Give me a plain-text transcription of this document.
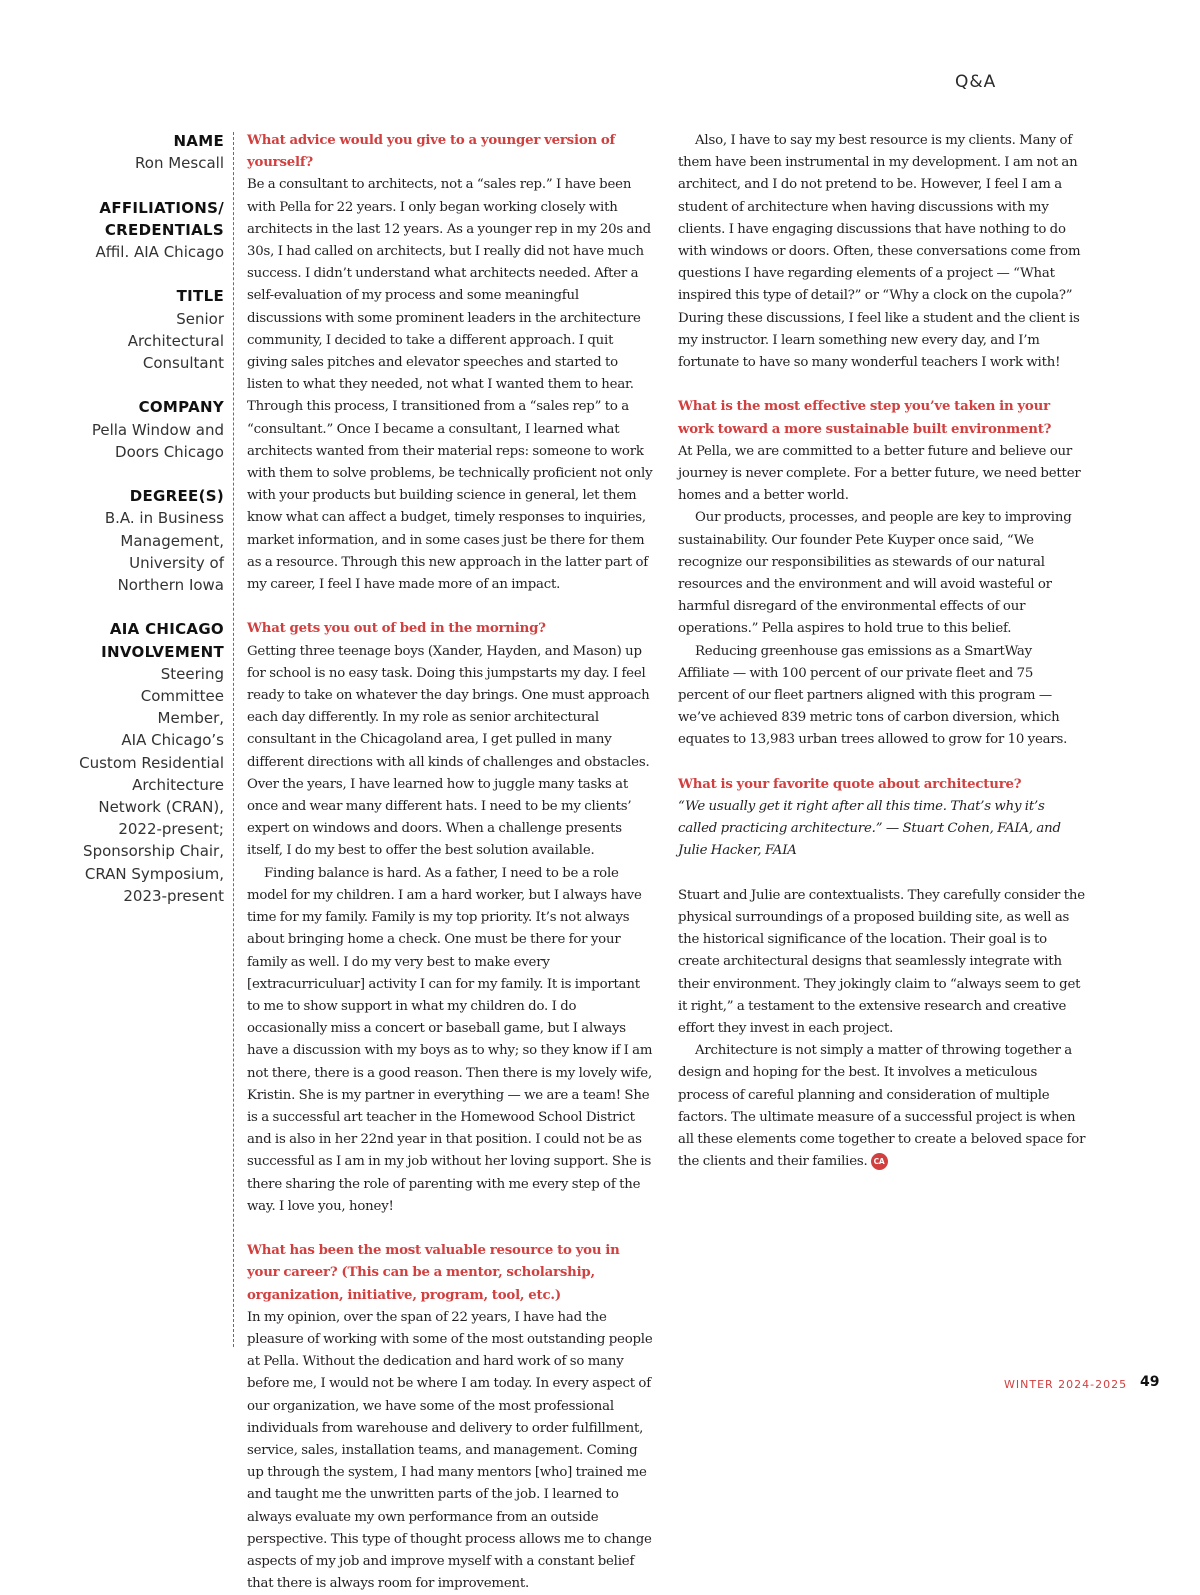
Q&A
NAME
Ron Mescall
AFFILIATIONS/
CREDENTIALS
Affil. AIA Chicago
TITLE
Senior
Architectural
Consultant
COMPANY
Pella Window and
Doors Chicago
DEGREE(S)
B.A. in Business
Management,
University of
Northern Iowa
AIA CHICAGO
INVOLVEMENT
Steering
Committee
Member,
AIA Chicago’s
Custom Residential
Architecture
Network (CRAN),
2022-present;
Sponsorship Chair,
CRAN Symposium,
2023-present

What advice would you give to a younger version of yourself?

Be a consultant to architects, not a “sales rep.” I have been with Pella for 22 years. I only began working closely with architects in the last 12 years. As a younger rep in my 20s and 30s, I had called on architects, but I really did not have much success. I didn’t understand what architects needed. After a self-evaluation of my process and some meaningful discussions with some prominent leaders in the architecture community, I decided to take a different approach. I quit giving sales pitches and elevator speeches and started to listen to what they needed, not what I wanted them to hear. Through this process, I transitioned from a “sales rep” to a “consultant.” Once I became a consultant, I learned what architects wanted from their material reps: someone to work with them to solve problems, be technically proficient not only with your products but building science in general, let them know what can affect a budget, timely responses to inquiries, market information, and in some cases just be there for them as a resource. Through this new approach in the latter part of my career, I feel I have made more of an impact.

What gets you out of bed in the morning?

Getting three teenage boys (Xander, Hayden, and Mason) up for school is no easy task. Doing this jumpstarts my day. I feel ready to take on whatever the day brings. One must approach each day differently. In my role as senior architectural consultant in the Chicagoland area, I get pulled in many different directions with all kinds of challenges and obstacles. Over the years, I have learned how to juggle many tasks at once and wear many different hats. I need to be my clients’ expert on windows and doors. When a challenge presents itself, I do my best to offer the best solution available.

Finding balance is hard. As a father, I need to be a role model for my children. I am a hard worker, but I always have time for my family. Family is my top priority. It’s not always about bringing home a check. One must be there for your family as well. I do my very best to make every [extracurriculuar] activity I can for my family. It is important to me to show support in what my children do. I do occasionally miss a concert or baseball game, but I always have a discussion with my boys as to why; so they know if I am not there, there is a good reason. Then there is my lovely wife, Kristin. She is my partner in everything — we are a team! She is a successful art teacher in the Homewood School District and is also in her 22nd year in that position. I could not be as successful as I am in my job without her loving support. She is there sharing the role of parenting with me every step of the way. I love you, honey!

What has been the most valuable resource to you in your career? (This can be a mentor, scholarship, organization, initiative, program, tool, etc.)

In my opinion, over the span of 22 years, I have had the pleasure of working with some of the most outstanding people at Pella. Without the dedication and hard work of so many before me, I would not be where I am today. In every aspect of our organization, we have some of the most professional individuals from warehouse and delivery to order fulfillment, service, sales, installation teams, and management. Coming up through the system, I had many mentors [who] trained me and taught me the unwritten parts of the job. I learned to always evaluate my own performance from an outside perspective. This type of thought process allows me to change aspects of my job and improve myself with a constant belief that there is always room for improvement.

Also, I have to say my best resource is my clients. Many of them have been instrumental in my development. I am not an architect, and I do not pretend to be. However, I feel I am a student of architecture when having discussions with my clients. I have engaging discussions that have nothing to do with windows or doors. Often, these conversations come from questions I have regarding elements of a project — “What inspired this type of detail?” or “Why a clock on the cupola?” During these discussions, I feel like a student and the client is my instructor. I learn something new every day, and I’m fortunate to have so many wonderful teachers I work with!

What is the most effective step you’ve taken in your work toward a more sustainable built environment?

At Pella, we are committed to a better future and believe our journey is never complete. For a better future, we need better homes and a better world.

Our products, processes, and people are key to improving sustainability. Our founder Pete Kuyper once said, “We recognize our responsibilities as stewards of our natural resources and the environment and will avoid wasteful or harmful disregard of the environmental effects of our operations.” Pella aspires to hold true to this belief.

Reducing greenhouse gas emissions as a SmartWay Affiliate — with 100 percent of our private fleet and 75 percent of our fleet partners aligned with this program — we’ve achieved 839 metric tons of carbon diversion, which equates to 13,983 urban trees allowed to grow for 10 years.

What is your favorite quote about architecture?

“We usually get it right after all this time. That’s why it’s called practicing architecture.” — Stuart Cohen, FAIA, and Julie Hacker, FAIA

Stuart and Julie are contextualists. They carefully consider the physical surroundings of a proposed building site, as well as the historical significance of the location. Their goal is to create architectural designs that seamlessly integrate with their environment. They jokingly claim to “always seem to get it right,” a testament to the extensive research and creative effort they invest in each project.

Architecture is not simply a matter of throwing together a design and hoping for the best. It involves a meticulous process of careful planning and consideration of multiple factors. The ultimate measure of a successful project is when all these elements come together to create a beloved space for the clients and their families. CA

WINTER 2024-2025 49
